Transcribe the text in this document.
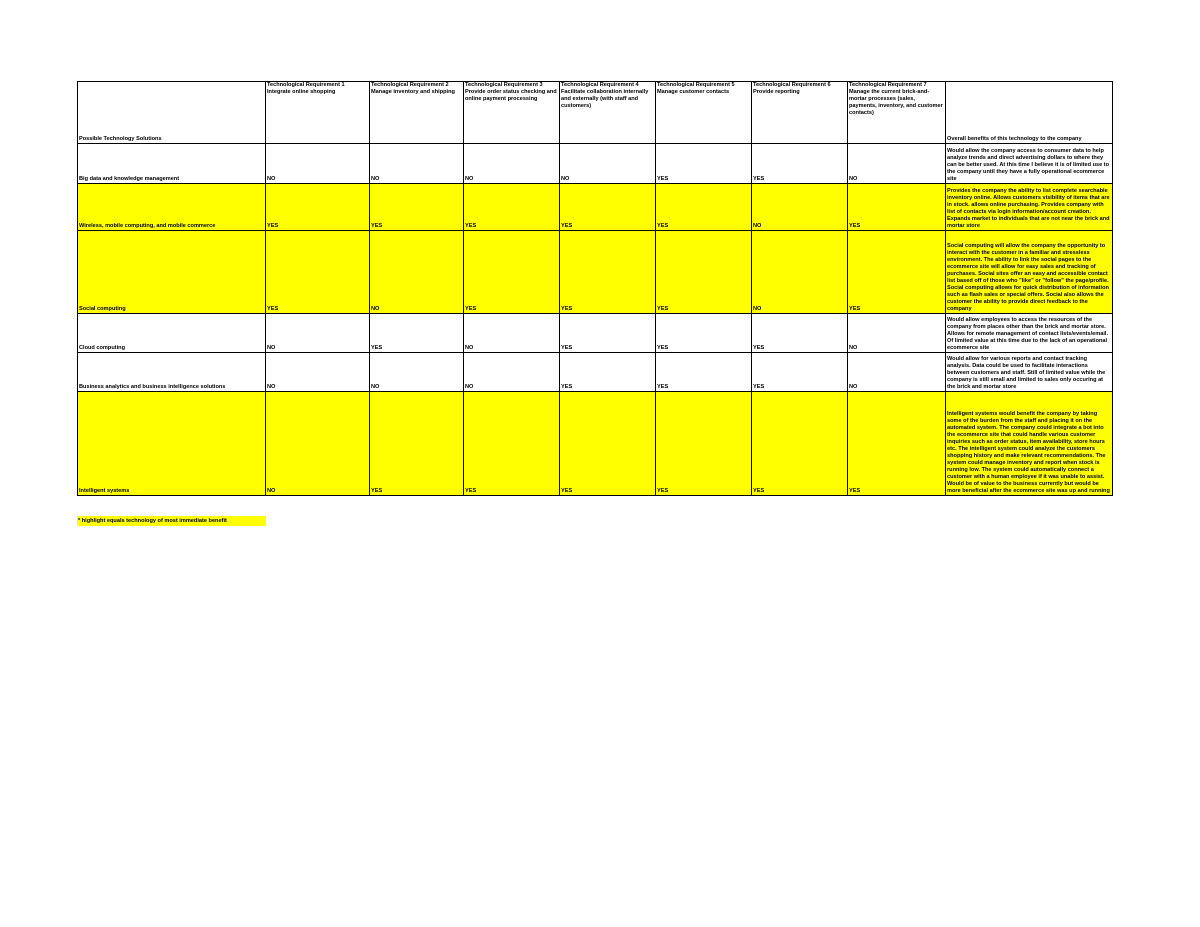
Possible Technology Solutions	Technological Requirement 1 Integrate online shopping	Technological Requirement 2 Manage inventory and shipping	Technological Requirement 3 Provide order status checking and online payment processing	Technological Requirement 4 Facilitate collaboration internally and externally (with staff and customers)	Technological Requirement 5 Manage customer contacts	Technological Requirement 6 Provide reporting	Technological Requirement 7 Manage the current brick-and-mortar processes (sales, payments, inventory, and customer contacts)	Overall benefits of this technology to the company
Big data and knowledge management	NO	NO	NO	NO	YES	YES	NO	Would allow the company access to consumer data to help analyze trends and direct advertising dollars to where they can be better used. At this time I believe it is of limited use to the company until they have a fully operational ecommerce site
Wireless, mobile computing, and mobile commerce	YES	YES	YES	YES	YES	NO	YES	Provides the company the ability to list complete searchable inventory online. Allows customers visibility of items that are in stock. allows online purchasing. Provides company with list of contacts via login information/account creation. Expands market to individuals that are not near the brick and mortar store
Social computing	YES	NO	YES	YES	YES	NO	YES	Social computing will allow the company the opportunity to interact with the customer in a familiar and stressless environment. The ability to link the social pages to the ecommerce site will allow for easy sales and tracking of purchases. Social sites offer an easy and accessible contact list based off of those who "like" or "follow" the page/profile. Social computing allows for quick distribution of information such as flash sales or special offers. Social also allows the customer the ability to provide direct feedback to the company
Cloud computing	NO	YES	NO	YES	YES	YES	NO	Would allow employees to access the resources of the company from places other than the brick and mortar store. Allows for remote management of contact lists/events/email. Of limited value at this time due to the lack of an operational ecommerce site
Business analytics and business intelligence solutions	NO	NO	NO	YES	YES	YES	NO	Would allow for various reports and contact tracking analysis. Data could be used to facilitate interactions between customers and staff. Still of limited value while the company is still small and limited to sales only occuring at the brick and mortar store
Intelligent systems	NO	YES	YES	YES	YES	YES	YES	Intelligent systems would benefit the company by taking some of the burden from the staff and placing it on the automated system. The company could integrate a bot into the ecommerce site that could handle various customer inquiries such as order status, item availability, store hours etc. The intelligent system could analyze the customers shopping history and make relevant recommendations. The system could manage inventory and report when stock is running low. The system could automatically connect a customer with a human employee if it was unable to assist. Would be of value to the business currently but would be more beneficial after the ecommerce site was up and running
* highlight equals technology of most immediate benefit
